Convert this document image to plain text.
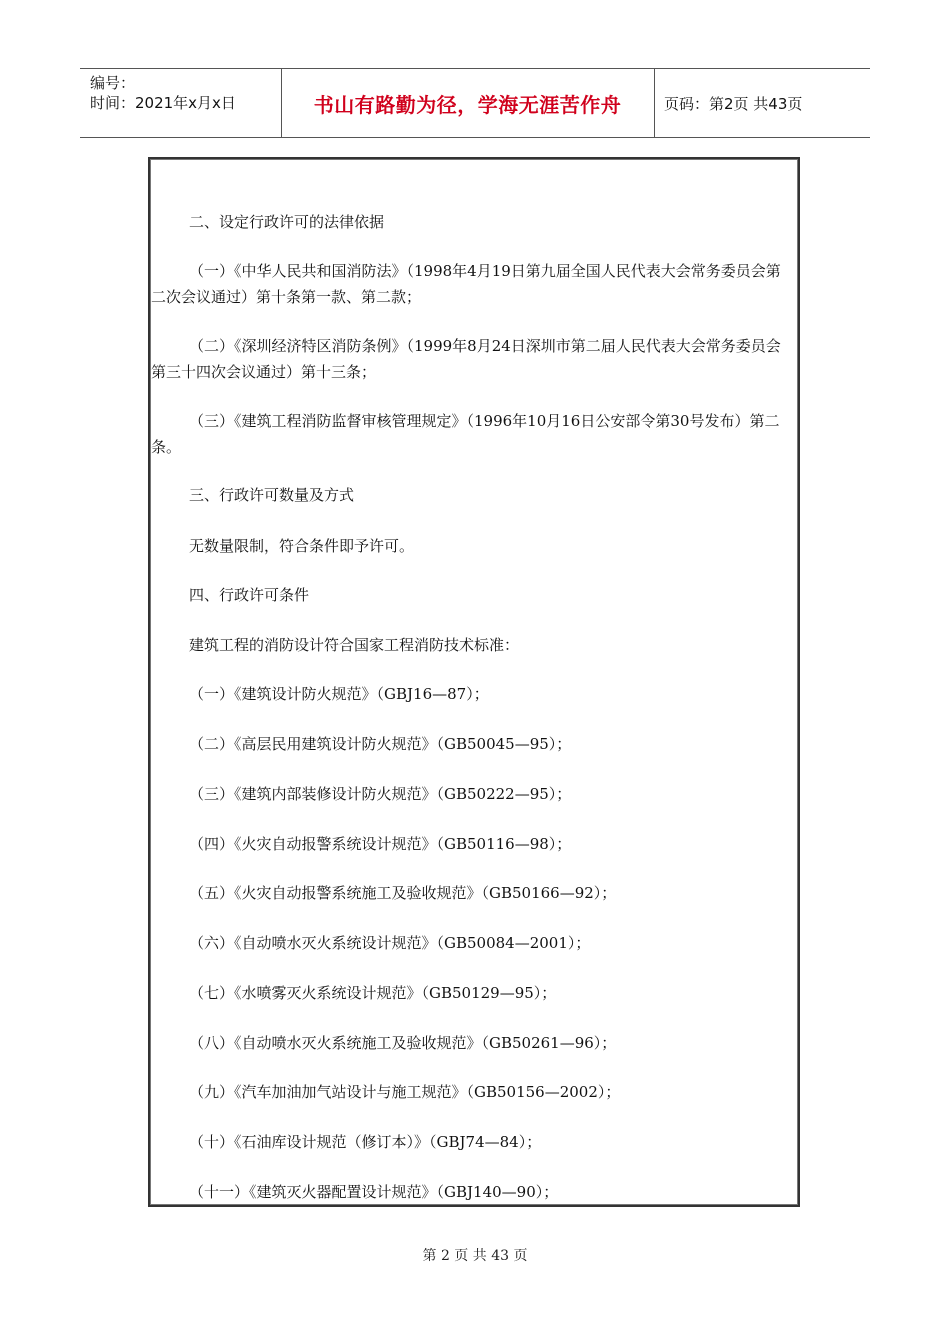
编号：
时间：2021年x月x日	书山有路勤为径，学海无涯苦作舟	页码：第2页 共43页

二、设定行政许可的法律依据

（一）《中华人民共和国消防法》（1998年4月19日第九届全国人民代表大会常务委员会第二次会议通过）第十条第一款、第二款；

（二）《深圳经济特区消防条例》（1999年8月24日深圳市第二届人民代表大会常务委员会第三十四次会议通过）第十三条；

（三）《建筑工程消防监督审核管理规定》（1996年10月16日公安部令第30号发布）第二条。

三、行政许可数量及方式

无数量限制，符合条件即予许可。

四、行政许可条件

建筑工程的消防设计符合国家工程消防技术标准：

（一）《建筑设计防火规范》（GBJ16—87）；

（二）《高层民用建筑设计防火规范》（GB50045—95）；

（三）《建筑内部装修设计防火规范》（GB50222—95）；

（四）《火灾自动报警系统设计规范》（GB50116—98）；

（五）《火灾自动报警系统施工及验收规范》（GB50166—92）；

（六）《自动喷水灭火系统设计规范》（GB50084—2001）；

（七）《水喷雾灭火系统设计规范》（GB50129—95）；

（八）《自动喷水灭火系统施工及验收规范》（GB50261—96）；

（九）《汽车加油加气站设计与施工规范》（GB50156—2002）；

（十）《石油库设计规范（修订本）》（GBJ74—84）；

（十一）《建筑灭火器配置设计规范》（GBJ140—90）；

第 2 页 共 43 页
